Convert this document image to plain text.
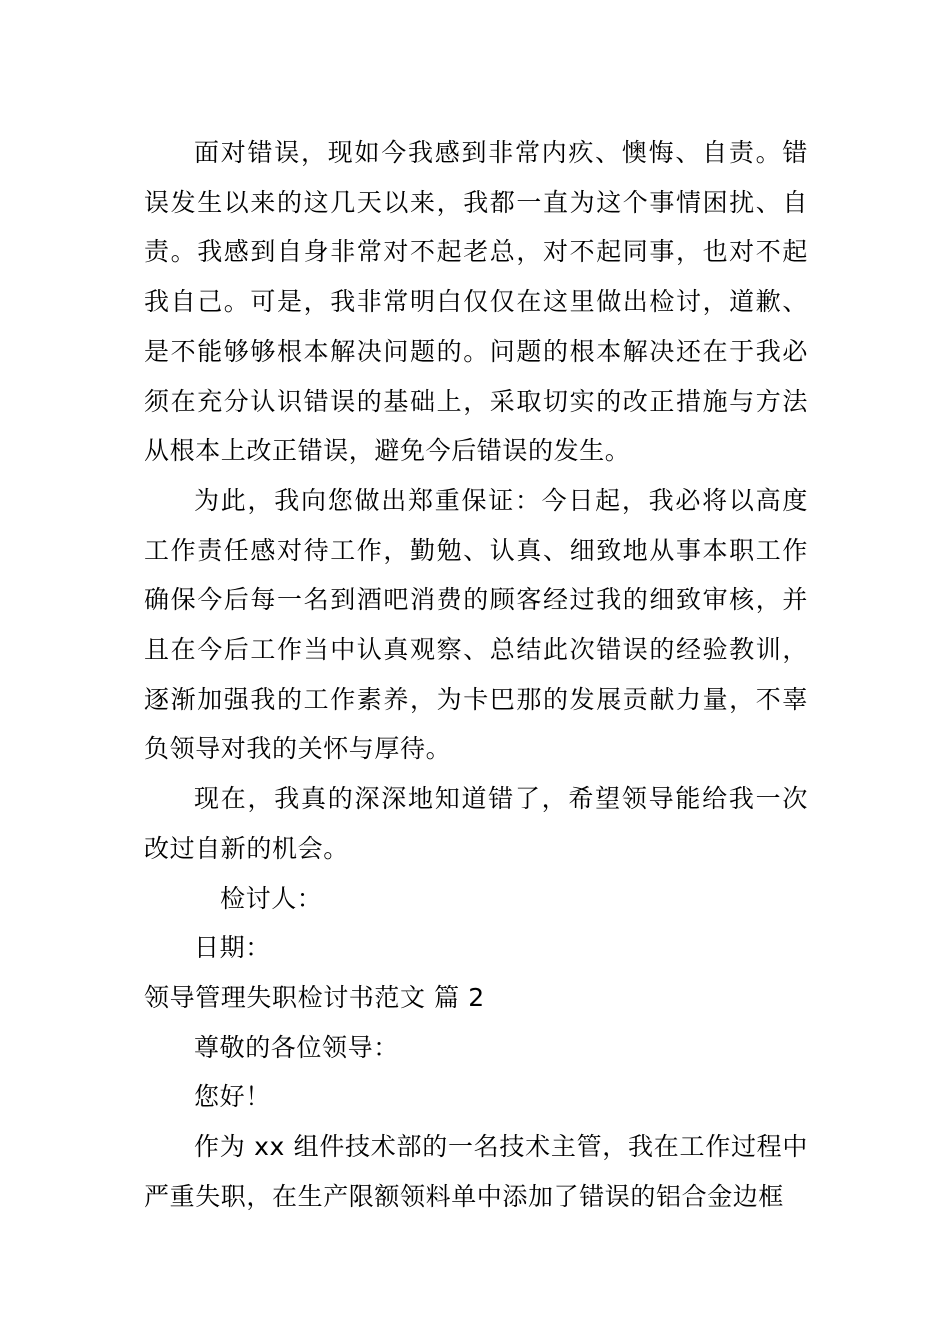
面对错误，现如今我感到非常内疚、懊悔、自责。错误发生以来的这几天以来，我都一直为这个事情困扰、自责。我感到自身非常对不起老总，对不起同事，也对不起我自己。可是，我非常明白仅仅在这里做出检讨，道歉、是不能够够根本解决问题的。问题的根本解决还在于我必须在充分认识错误的基础上，采取切实的改正措施与方法从根本上改正错误，避免今后错误的发生。

为此，我向您做出郑重保证：今日起，我必将以高度工作责任感对待工作，勤勉、认真、细致地从事本职工作确保今后每一名到酒吧消费的顾客经过我的细致审核，并且在今后工作当中认真观察、总结此次错误的经验教训，逐渐加强我的工作素养，为卡巴那的发展贡献力量，不辜负领导对我的关怀与厚待。

现在，我真的深深地知道错了，希望领导能给我一次改过自新的机会。

检讨人：

日期：

领导管理失职检讨书范文 篇 2

尊敬的各位领导：

您好！

作为 xx 组件技术部的一名技术主管，我在工作过程中严重失职，在生产限额领料单中添加了错误的铝合金边框
